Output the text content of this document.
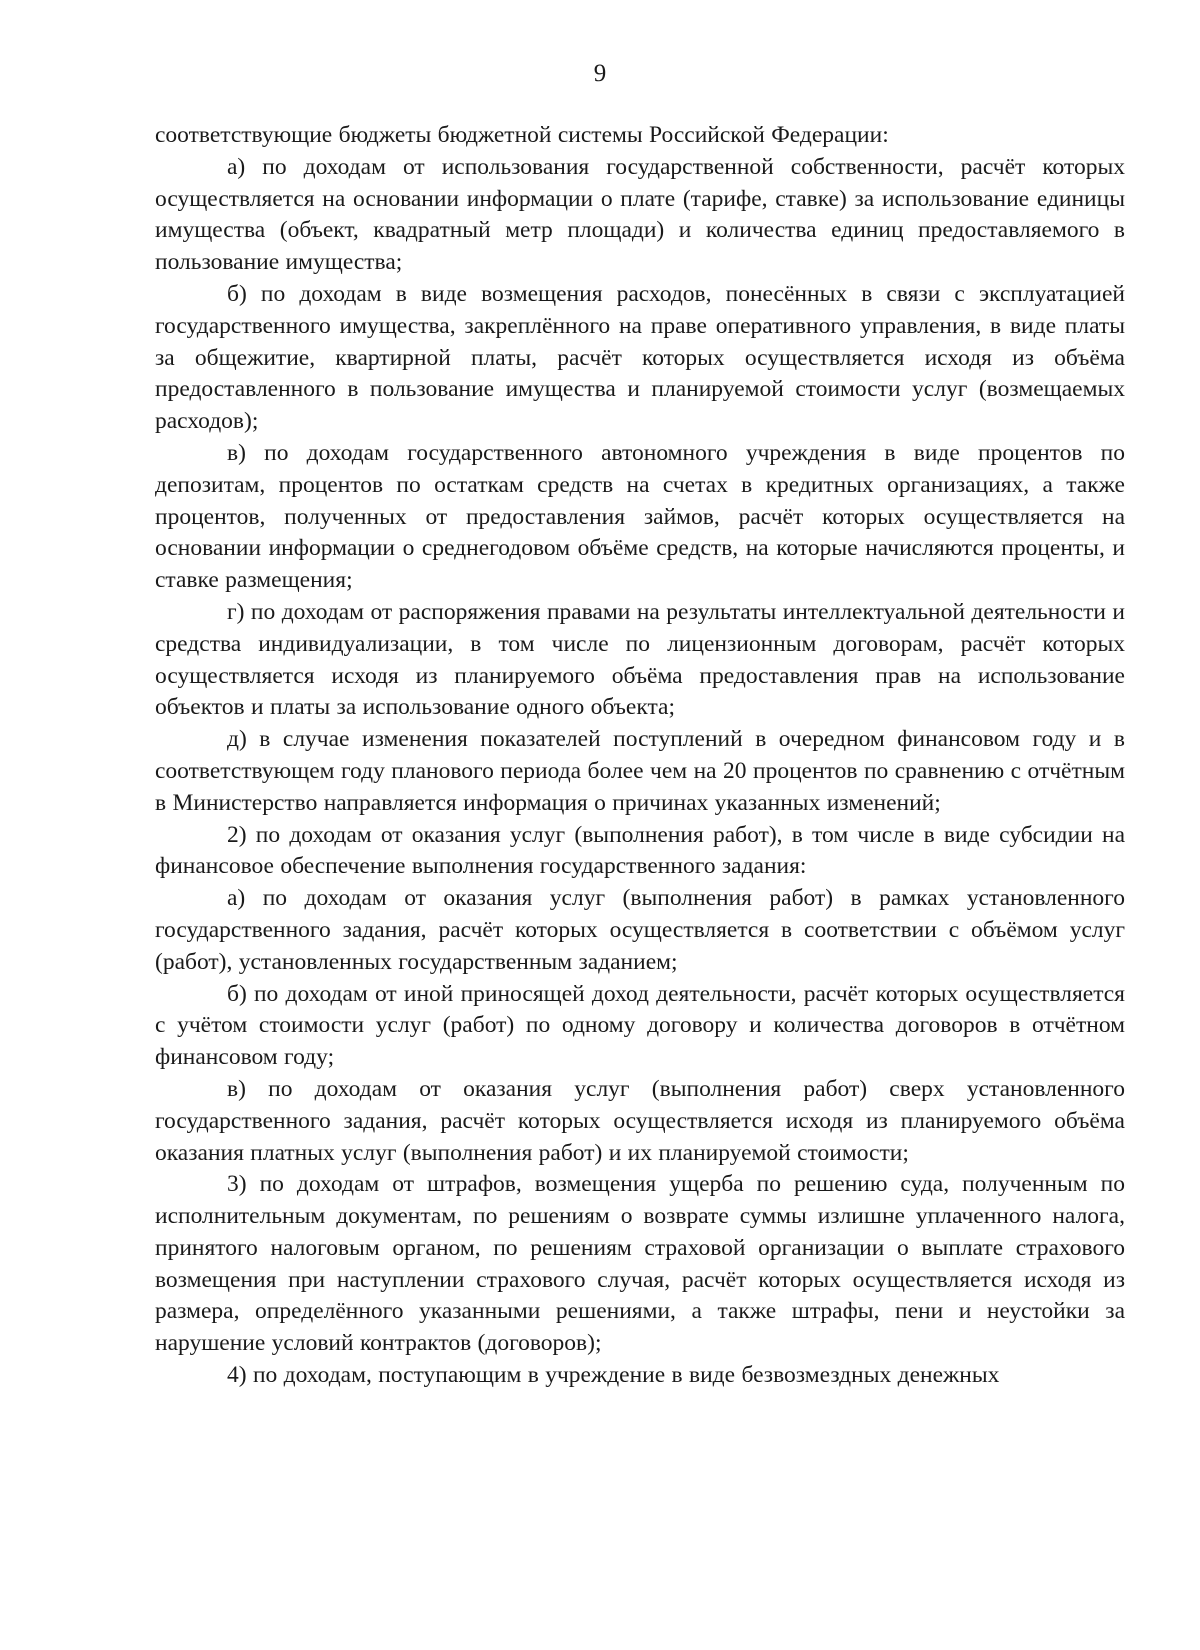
9

соответствующие бюджеты бюджетной системы Российской Федерации:

а) по доходам от использования государственной собственности, расчёт которых осуществляется на основании информации о плате (тарифе, ставке) за использование единицы имущества (объект, квадратный метр площади) и количества единиц предоставляемого в пользование имущества;

б) по доходам в виде возмещения расходов, понесённых в связи с эксплуатацией государственного имущества, закреплённого на праве оперативного управления, в виде платы за общежитие, квартирной платы, расчёт которых осуществляется исходя из объёма предоставленного в пользование имущества и планируемой стоимости услуг (возмещаемых расходов);

в) по доходам государственного автономного учреждения в виде процентов по депозитам, процентов по остаткам средств на счетах в кредитных организациях, а также процентов, полученных от предоставления займов, расчёт которых осуществляется на основании информации о среднегодовом объёме средств, на которые начисляются проценты, и ставке размещения;

г) по доходам от распоряжения правами на результаты интеллектуальной деятельности и средства индивидуализации, в том числе по лицензионным договорам, расчёт которых осуществляется исходя из планируемого объёма предоставления прав на использование объектов и платы за использование одного объекта;

д) в случае изменения показателей поступлений в очередном финансовом году и в соответствующем году планового периода более чем на 20 процентов по сравнению с отчётным в Министерство направляется информация о причинах указанных изменений;

2) по доходам от оказания услуг (выполнения работ), в том числе в виде субсидии на финансовое обеспечение выполнения государственного задания:

а) по доходам от оказания услуг (выполнения работ) в рамках установленного государственного задания, расчёт которых осуществляется в соответствии с объёмом услуг (работ), установленных государственным заданием;

б) по доходам от иной приносящей доход деятельности, расчёт которых осуществляется с учётом стоимости услуг (работ) по одному договору и количества договоров в отчётном финансовом году;

в) по доходам от оказания услуг (выполнения работ) сверх установленного государственного задания, расчёт которых осуществляется исходя из планируемого объёма оказания платных услуг (выполнения работ) и их планируемой стоимости;

3) по доходам от штрафов, возмещения ущерба по решению суда, полученным по исполнительным документам, по решениям о возврате суммы излишне уплаченного налога, принятого налоговым органом, по решениям страховой организации о выплате страхового возмещения при наступлении страхового случая, расчёт которых осуществляется исходя из размера, определённого указанными решениями, а также штрафы, пени и неустойки за нарушение условий контрактов (договоров);

4) по доходам, поступающим в учреждение в виде безвозмездных денежных
